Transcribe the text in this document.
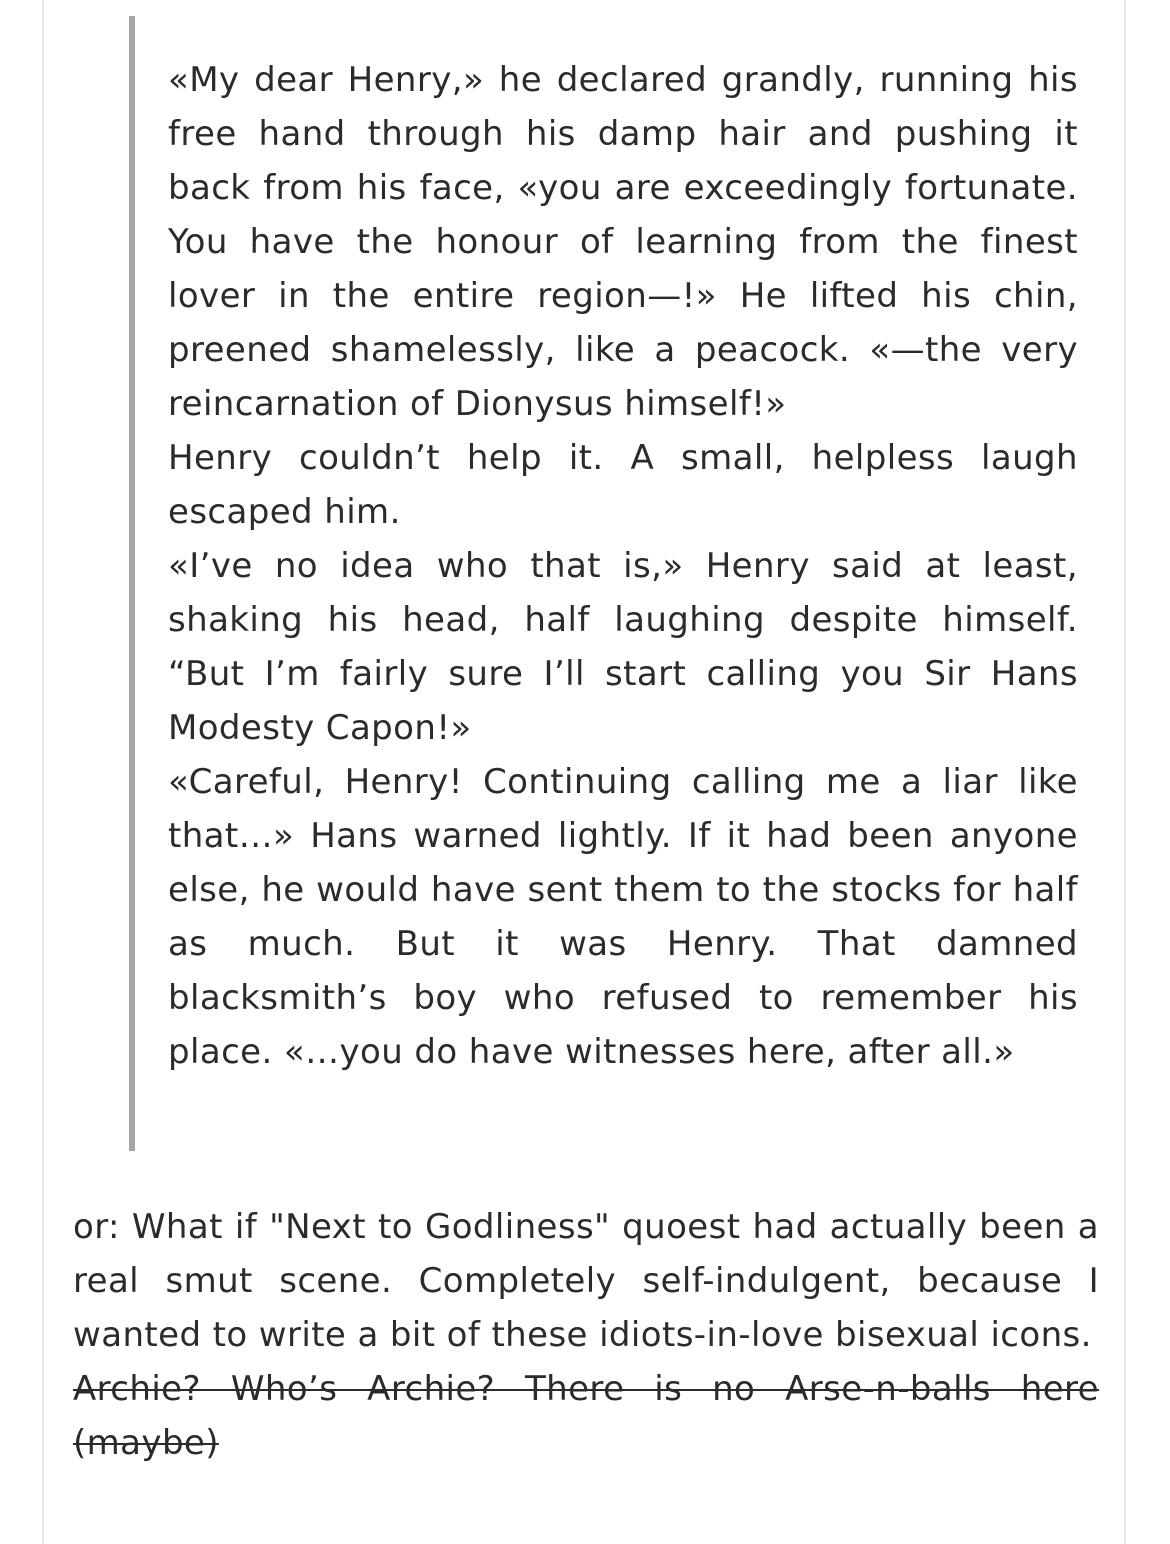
«My dear Henry,» he declared grandly, running his free hand through his damp hair and pushing it back from his face, «you are exceedingly fortunate. You have the honour of learning from the finest lover in the entire region—!» He lifted his chin, preened shamelessly, like a peacock. «—the very reincarnation of Dionysus himself!»

Henry couldn’t help it. A small, helpless laugh escaped him.

«I’ve no idea who that is,» Henry said at least, shaking his head, half laughing despite himself. “But I’m fairly sure I’ll start calling you Sir Hans Modesty Capon!»

«Careful, Henry! Continuing calling me a liar like that…» Hans warned lightly. If it had been anyone else, he would have sent them to the stocks for half as much. But it was Henry. That damned blacksmith’s boy who refused to remember his place. «…you do have witnesses here, after all.»

or: What if "Next to Godliness" quoest had actually been a real smut scene. Completely self-indulgent, because I wanted to write a bit of these idiots-in-love bisexual icons.

Archie? Who’s Archie? There is no Arse-n-balls here (maybe)
